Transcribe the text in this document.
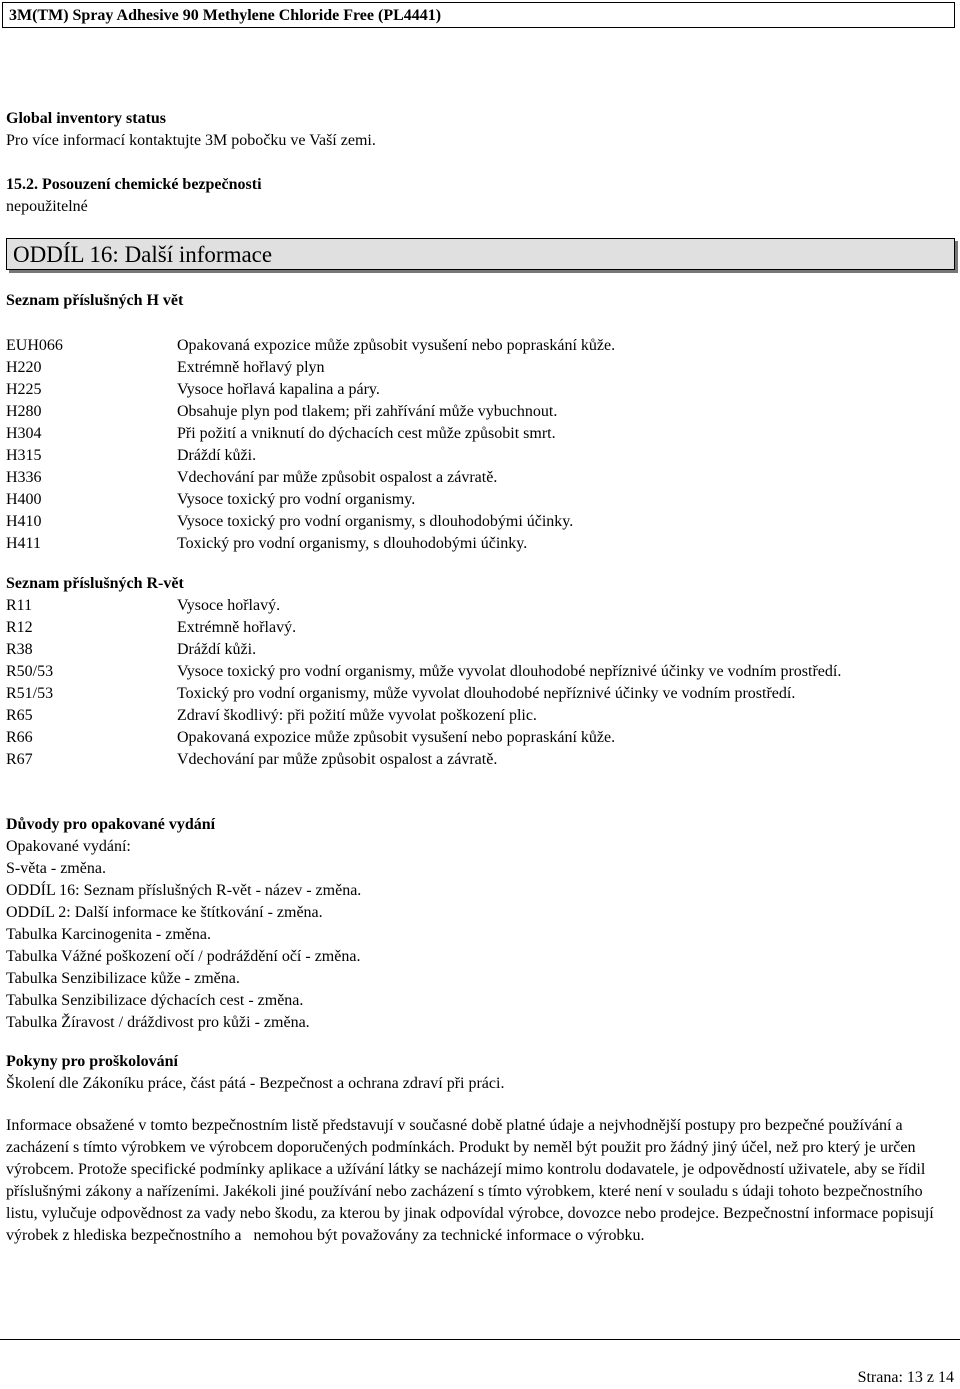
3M(TM) Spray Adhesive 90 Methylene Chloride Free (PL4441)
Global inventory status
Pro více informací kontaktujte 3M pobočku ve Vaší zemi.
15.2. Posouzení chemické bezpečnosti
nepoužitelné
ODDÍL 16: Další informace
Seznam příslušných H vět
EUH066	Opakovaná expozice může způsobit vysušení nebo popraskání kůže.
H220	Extrémně hořlavý plyn
H225	Vysoce hořlavá kapalina a páry.
H280	Obsahuje plyn pod tlakem; při zahřívání může vybuchnout.
H304	Při požití a vniknutí do dýchacích cest může způsobit smrt.
H315	Dráždí kůži.
H336	Vdechování par může způsobit ospalost a závratě.
H400	Vysoce toxický pro vodní organismy.
H410	Vysoce toxický pro vodní organismy, s dlouhodobými účinky.
H411	Toxický pro vodní organismy, s dlouhodobými účinky.
Seznam příslušných R-vět
R11	Vysoce hořlavý.
R12	Extrémně hořlavý.
R38	Dráždí kůži.
R50/53	Vysoce toxický pro vodní organismy, může vyvolat dlouhodobé nepříznivé účinky ve vodním prostředí.
R51/53	Toxický pro vodní organismy, může vyvolat dlouhodobé nepříznivé účinky ve vodním prostředí.
R65	Zdraví škodlivý: při požití může vyvolat poškození plic.
R66	Opakovaná expozice může způsobit vysušení nebo popraskání kůže.
R67	Vdechování par může způsobit ospalost a závratě.
Důvody pro opakované vydání
Opakované vydání:
S-věta - změna.
ODDÍL 16: Seznam příslušných R-vět - název - změna.
ODDíL 2: Další informace ke štítkování - změna.
Tabulka Karcinogenita - změna.
Tabulka Vážné poškození očí / podráždění očí - změna.
Tabulka Senzibilizace kůže - změna.
Tabulka Senzibilizace dýchacích cest - změna.
Tabulka Žíravost / dráždivost pro kůži - změna.
Pokyny pro proškolování
Školení dle Zákoníku práce, část pátá - Bezpečnost a ochrana zdraví při práci.
Informace obsažené v tomto bezpečnostním listě představují v současné době platné údaje a nejvhodnější postupy pro bezpečné používání a  zacházení s tímto výrobkem ve výrobcem doporučených podmínkách. Produkt by neměl být použit pro žádný jiný účel, než pro který je určen výrobcem. Protože specifické podmínky aplikace a užívání látky se nacházejí mimo kontrolu dodavatele, je odpovědností uživatele, aby se řídil příslušnými zákony a nařízeními. Jakékoli jiné používání nebo zacházení s tímto výrobkem, které není v souladu s údaji tohoto bezpečnostního listu, vylučuje odpovědnost za vady nebo škodu, za kterou by jinak odpovídal výrobce, dovozce nebo prodejce. Bezpečnostní informace popisují výrobek z hlediska bezpečnostního a   nemohou být považovány za technické informace o výrobku.
Strana: 13 z 14
